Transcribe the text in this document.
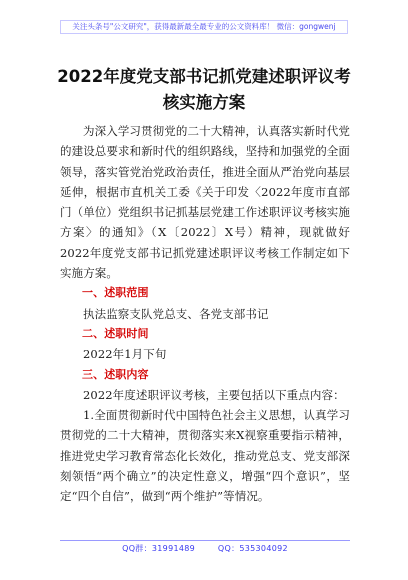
关注头条号"公文研究"，获得最新最全最专业的公文资料库！ 微信：gongwenj
2022年度党支部书记抓党建述职评议考
核实施方案

为深入学习贯彻党的二十大精神，认真落实新时代党的建设总要求和新时代的组织路线，坚持和加强党的全面领导，落实管党治党政治责任，推进全面从严治党向基层延伸，根据市直机关工委《关于印发〈2022年度市直部门（单位）党组织书记抓基层党建工作述职评议考核实施方案〉的通知》（X〔2022〕X号）精神，现就做好2022年度党支部书记抓党建述职评议考核工作制定如下实施方案。

一、述职范围

执法监察支队党总支、各党支部书记

二、述职时间

2022年1月下旬

三、述职内容

2022年度述职评议考核，主要包括以下重点内容：

1.全面贯彻新时代中国特色社会主义思想，认真学习贯彻党的二十大精神，贯彻落实来X视察重要指示精神，推进党史学习教育常态化长效化，推动党总支、党支部深刻领悟“两个确立”的决定性意义，增强“四个意识”，坚定“四个自信”，做到“两个维护”等情况。

QQ群：31991489	QQ：535304092
